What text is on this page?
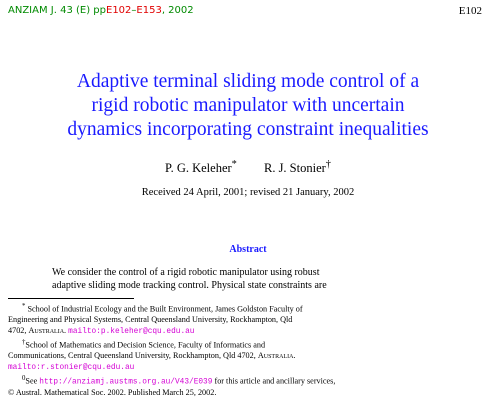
ANZIAM J. 43 (E) ppE102–E153, 2002	E102
Adaptive terminal sliding mode control of a
rigid robotic manipulator with uncertain
dynamics incorporating constraint inequalities
P. G. Keleher* R. J. Stonier†
Received 24 April, 2001; revised 21 January, 2002
Abstract
We consider the control of a rigid robotic manipulator using robust
adaptive sliding mode tracking control. Physical state constraints are
* School of Industrial Ecology and the Built Environment, James Goldston Faculty of
Engineering and Physical Systems, Central Queensland University, Rockhampton, Qld
4702, Australia. mailto:p.keleher@cqu.edu.au
†School of Mathematics and Decision Science, Faculty of Informatics and
Communications, Central Queensland University, Rockhampton, Qld 4702, Australia.
mailto:r.stonier@cqu.edu.au
$^0$See http://anziamj.austms.org.au/V43/E039 for this article and ancillary services,
© Austral. Mathematical Soc. 2002. Published March 25, 2002.
